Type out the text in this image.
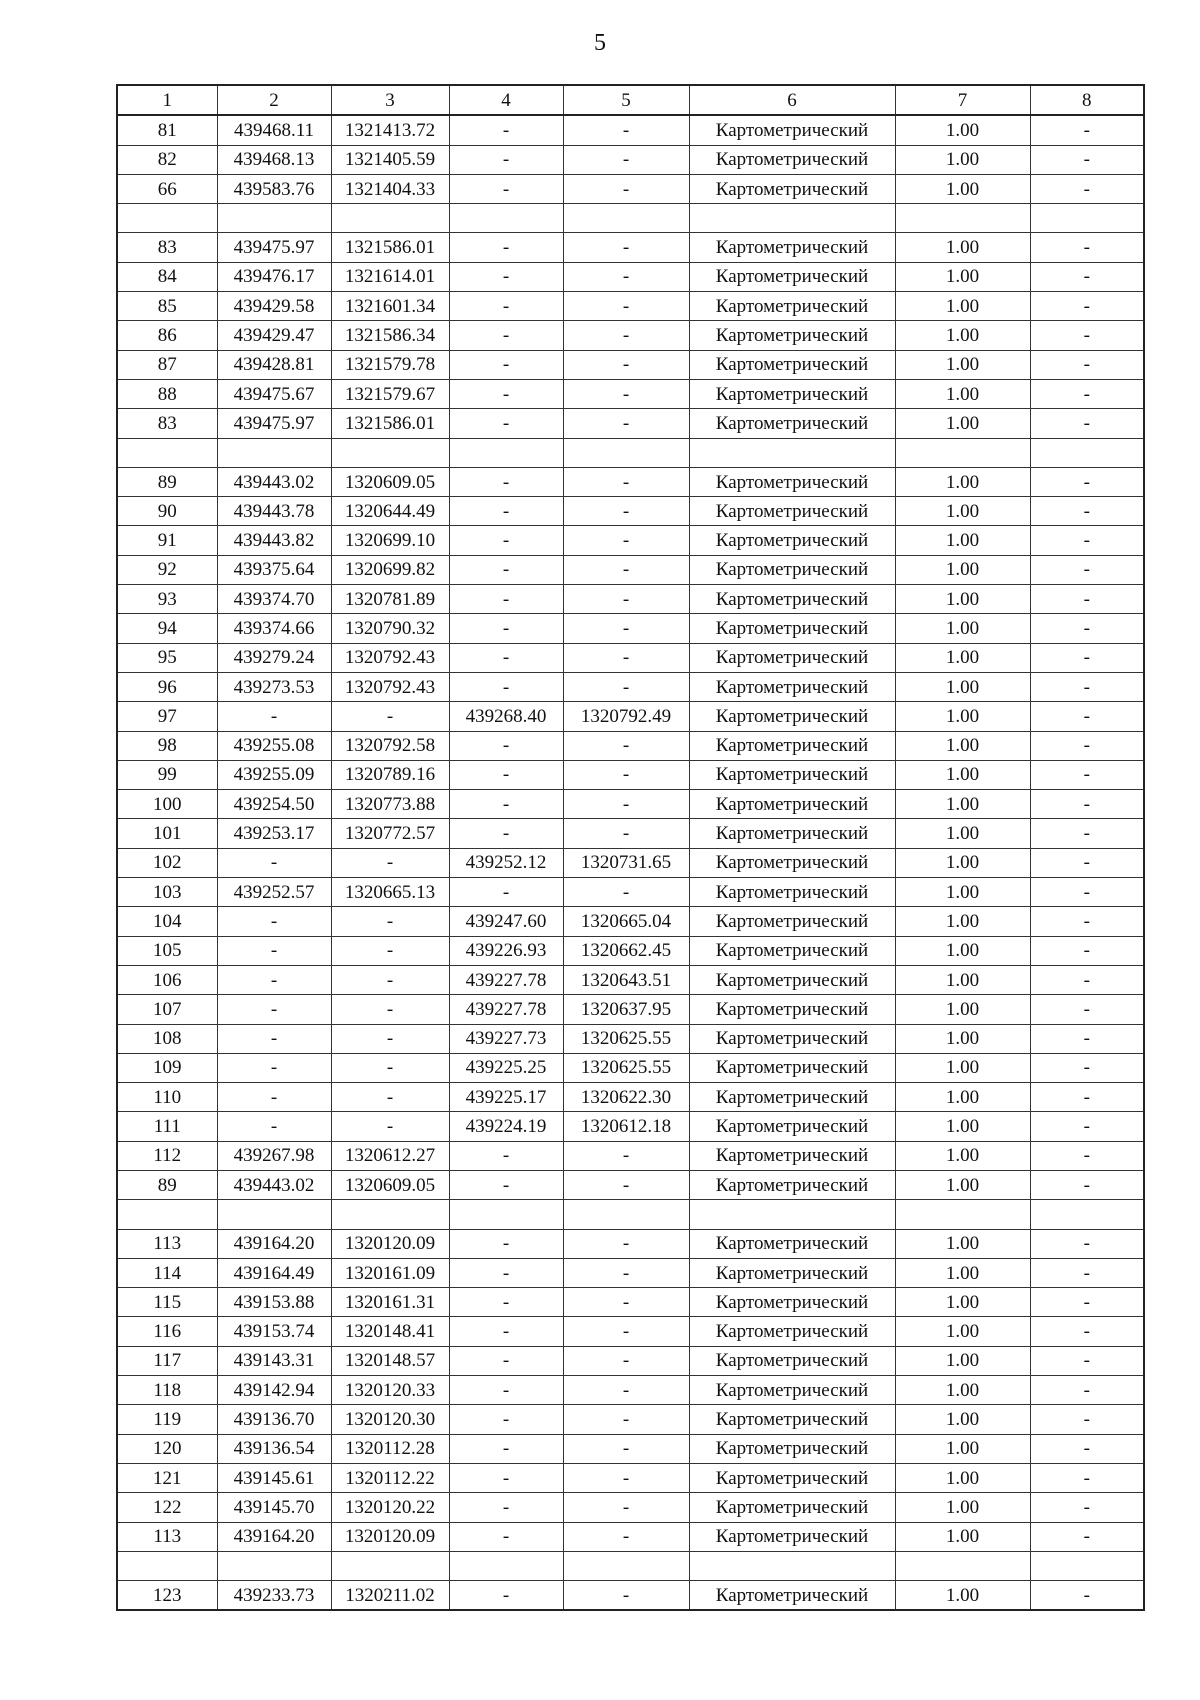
5
1	2	3	4	5	6	7	8
81	439468.11	1321413.72	-	-	Картометрический	1.00	-
82	439468.13	1321405.59	-	-	Картометрический	1.00	-
66	439583.76	1321404.33	-	-	Картометрический	1.00	-

83	439475.97	1321586.01	-	-	Картометрический	1.00	-
84	439476.17	1321614.01	-	-	Картометрический	1.00	-
85	439429.58	1321601.34	-	-	Картометрический	1.00	-
86	439429.47	1321586.34	-	-	Картометрический	1.00	-
87	439428.81	1321579.78	-	-	Картометрический	1.00	-
88	439475.67	1321579.67	-	-	Картометрический	1.00	-
83	439475.97	1321586.01	-	-	Картометрический	1.00	-

89	439443.02	1320609.05	-	-	Картометрический	1.00	-
90	439443.78	1320644.49	-	-	Картометрический	1.00	-
91	439443.82	1320699.10	-	-	Картометрический	1.00	-
92	439375.64	1320699.82	-	-	Картометрический	1.00	-
93	439374.70	1320781.89	-	-	Картометрический	1.00	-
94	439374.66	1320790.32	-	-	Картометрический	1.00	-
95	439279.24	1320792.43	-	-	Картометрический	1.00	-
96	439273.53	1320792.43	-	-	Картометрический	1.00	-
97	-	-	439268.40	1320792.49	Картометрический	1.00	-
98	439255.08	1320792.58	-	-	Картометрический	1.00	-
99	439255.09	1320789.16	-	-	Картометрический	1.00	-
100	439254.50	1320773.88	-	-	Картометрический	1.00	-
101	439253.17	1320772.57	-	-	Картометрический	1.00	-
102	-	-	439252.12	1320731.65	Картометрический	1.00	-
103	439252.57	1320665.13	-	-	Картометрический	1.00	-
104	-	-	439247.60	1320665.04	Картометрический	1.00	-
105	-	-	439226.93	1320662.45	Картометрический	1.00	-
106	-	-	439227.78	1320643.51	Картометрический	1.00	-
107	-	-	439227.78	1320637.95	Картометрический	1.00	-
108	-	-	439227.73	1320625.55	Картометрический	1.00	-
109	-	-	439225.25	1320625.55	Картометрический	1.00	-
110	-	-	439225.17	1320622.30	Картометрический	1.00	-
111	-	-	439224.19	1320612.18	Картометрический	1.00	-
112	439267.98	1320612.27	-	-	Картометрический	1.00	-
89	439443.02	1320609.05	-	-	Картометрический	1.00	-

113	439164.20	1320120.09	-	-	Картометрический	1.00	-
114	439164.49	1320161.09	-	-	Картометрический	1.00	-
115	439153.88	1320161.31	-	-	Картометрический	1.00	-
116	439153.74	1320148.41	-	-	Картометрический	1.00	-
117	439143.31	1320148.57	-	-	Картометрический	1.00	-
118	439142.94	1320120.33	-	-	Картометрический	1.00	-
119	439136.70	1320120.30	-	-	Картометрический	1.00	-
120	439136.54	1320112.28	-	-	Картометрический	1.00	-
121	439145.61	1320112.22	-	-	Картометрический	1.00	-
122	439145.70	1320120.22	-	-	Картометрический	1.00	-
113	439164.20	1320120.09	-	-	Картометрический	1.00	-

123	439233.73	1320211.02	-	-	Картометрический	1.00	-
